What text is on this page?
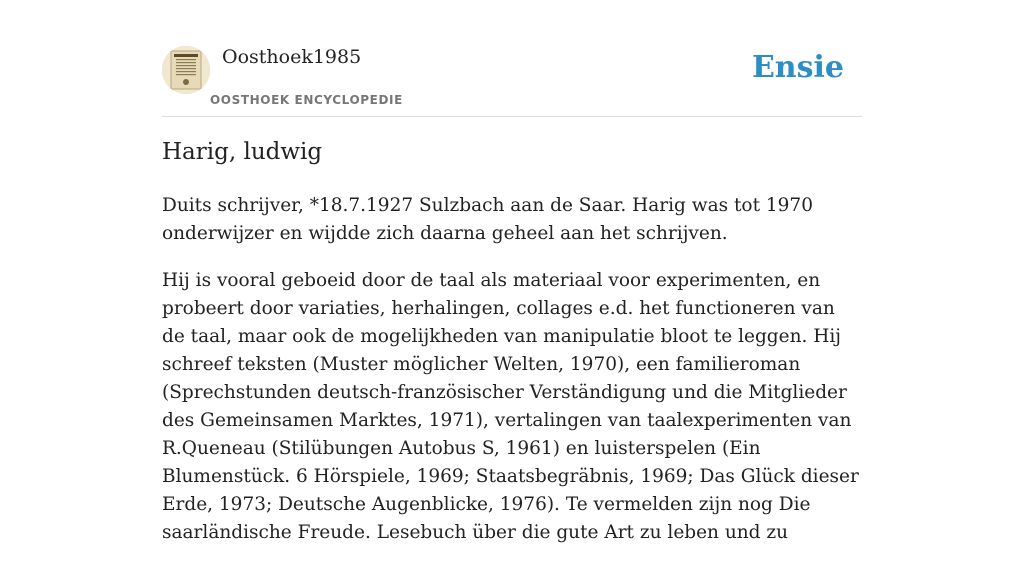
Oosthoek1985
OOSTHOEK ENCYCLOPEDIE
Ensie
Harig, ludwig

Duits schrijver, *18.7.1927 Sulzbach aan de Saar. Harig was tot 1970 onderwijzer en wijdde zich daarna geheel aan het schrijven.

Hij is vooral geboeid door de taal als materiaal voor experimenten, en probeert door variaties, herhalingen, collages e.d. het functioneren van de taal, maar ook de mogelijkheden van manipulatie bloot te leggen. Hij schreef teksten (Muster möglicher Welten, 1970), een familieroman (Sprechstunden deutsch-französischer Verständigung und die Mitglieder des Gemeinsamen Marktes, 1971), vertalingen van taalexperimenten van R.Queneau (Stilübungen Autobus S, 1961) en luisterspelen (Ein Blumenstück. 6 Hörspiele, 1969; Staatsbegräbnis, 1969; Das Glück dieser Erde, 1973; Deutsche Augenblicke, 1976). Te vermelden zijn nog Die saarländische Freude. Lesebuch über die gute Art zu leben und zu
